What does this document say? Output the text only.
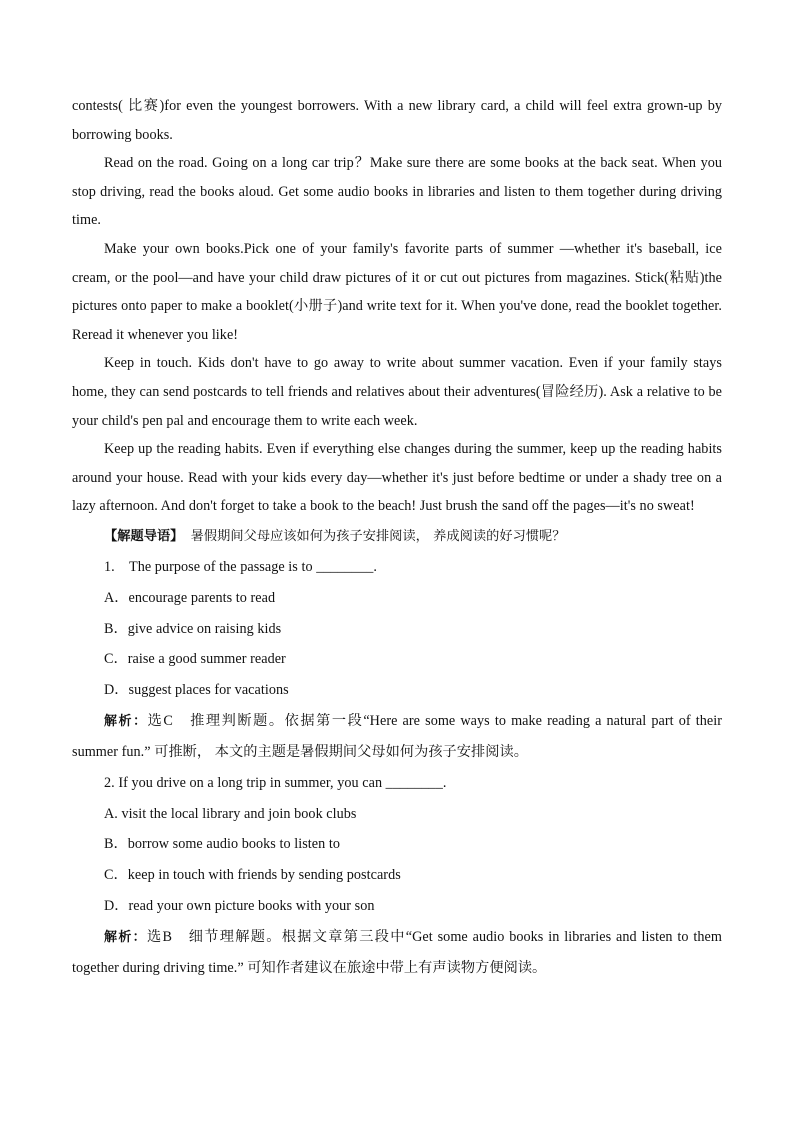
contests( 比赛)for even the youngest borrowers. With a new library card, a child will feel extra grown-up by borrowing books.

Read on the road. Going on a long car trip？Make sure there are some books at the back seat. When you stop driving, read the books aloud. Get some audio books in libraries and listen to them together during driving time.

Make your own books.Pick one of your family's favorite parts of summer —whether it's baseball, ice cream, or the pool—and have your child draw pictures of it or cut out pictures from magazines. Stick(粘贴)the pictures onto paper to make a booklet(小册子)and write text for it. When you've done, read the booklet together. Reread it whenever you like!

Keep in touch. Kids don't have to go away to write about summer vacation. Even if your family stays home, they can send postcards to tell friends and relatives about their adventures(冒险经历). Ask a relative to be your child's pen pal and encourage them to write each week.

Keep up the reading habits. Even if everything else changes during the summer, keep up the reading habits around your house. Read with your kids every day—whether it's just before bedtime or under a shady tree on a lazy afternoon. And don't forget to take a book to the beach! Just brush the sand off the pages—it's no sweat!

【解题导语】 暑假期间父母应该如何为孩子安排阅读， 养成阅读的好习惯呢？

1.　The purpose of the passage is to ________.

A．encourage parents to read

B．give advice on raising kids

C．raise a good summer reader

D．suggest places for vacations

解析：选C　推理判断题。依据第一段“Here are some ways to make reading a natural part of their summer fun.” 可推断， 本文的主题是暑假期间父母如何为孩子安排阅读。

2. If you drive on a long trip in summer, you can ________.

A. visit the local library and join book clubs

B．borrow some audio books to listen to

C．keep in touch with friends by sending postcards

D．read your own picture books with your son

解析：选B　细节理解题。根据文章第三段中“Get some audio books in libraries and listen to them together during driving time.” 可知作者建议在旅途中带上有声读物方便阅读。
